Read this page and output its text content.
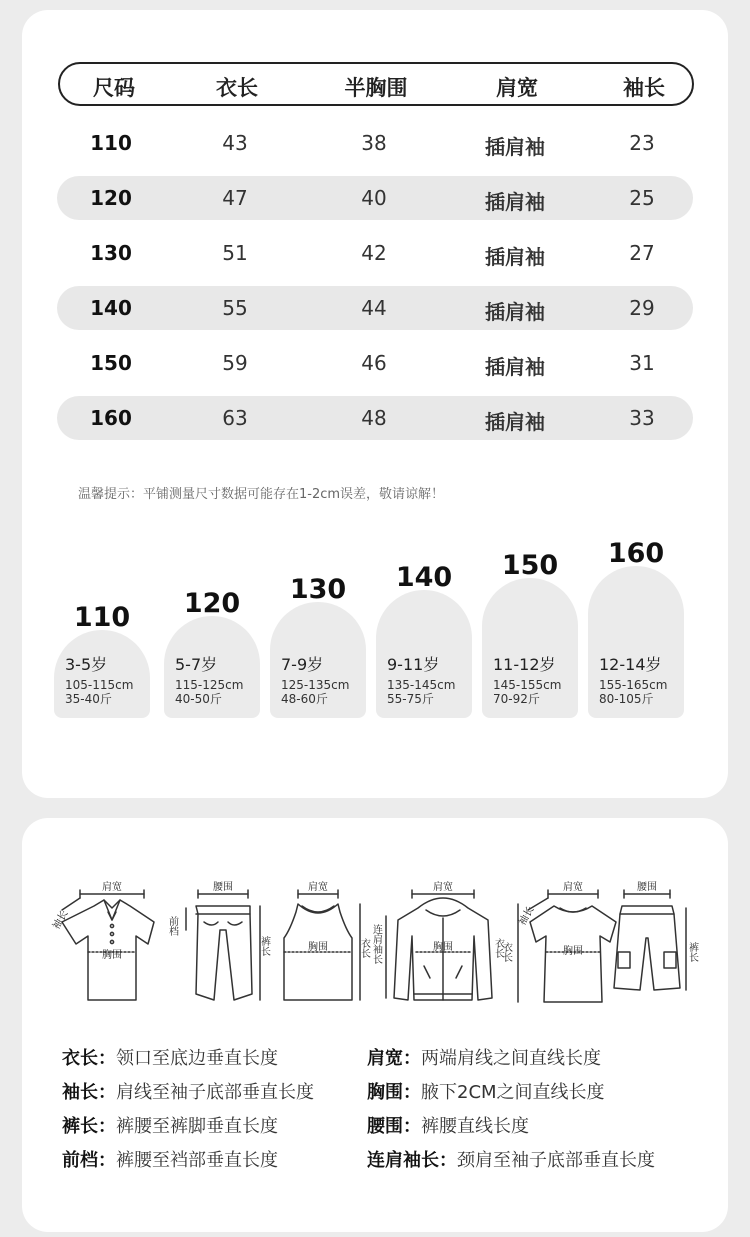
尺码	衣长	半胸围	肩宽	袖长
110	43	38	插肩袖	23
120	47	40	插肩袖	25
130	51	42	插肩袖	27
140	55	44	插肩袖	29
150	59	46	插肩袖	31
160	63	48	插肩袖	33
温馨提示：平铺测量尺寸数据可能存在1-2cm误差，敬请谅解！
3-5岁
105-115cm
35-40斤
110
5-7岁
115-125cm
40-50斤
120
7-9岁
125-135cm
48-60斤
130
9-11岁
135-145cm
55-75斤
140
11-12岁
145-155cm
70-92斤
150
12-14岁
155-165cm
80-105斤
160
肩宽
胸围
袖长
腰围
前档
裤长
肩宽
胸围	衣长
肩宽
胸围
连肩袖长	衣长
肩宽
胸围
袖长
衣长
腰围
裤长
衣长：领口至底边垂直长度
袖长：肩线至袖子底部垂直长度
裤长：裤腰至裤脚垂直长度
前档：裤腰至裆部垂直长度
肩宽：两端肩线之间直线长度
胸围：腋下2CM之间直线长度
腰围：裤腰直线长度
连肩袖长：颈肩至袖子底部垂直长度
